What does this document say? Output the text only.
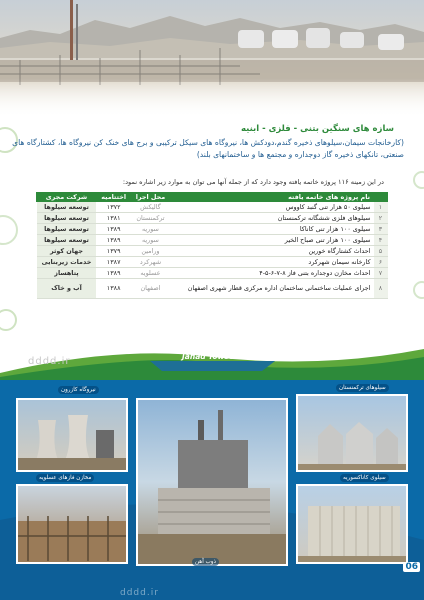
سازه های سنگین بتنی - فلزی - ابنیه
(کارخانجات سیمان،سیلوهای ذخیره گندم،دودکش ها، نیروگاه های سیکل ترکیبی و برج های خنک کن نیروگاه ها، کشتارگاه های صنعتی، تانکهای ذخیره گاز دوجداره و مجتمع ها و ساختمانهای بلند)
در این زمینه ۱۱۶ پروژه خاتمه یافته وجود دارد که از جمله آنها می توان به موارد زیر اشاره نمود:
	نام پروژه های خاتمه یافته	محل اجرا	اختتامیه	شرکت مجری
۱	سیلوی ۵۰ هزار تنی گنبد کاووس	گالیکش	۱۳۷۲	توسعه سیلوها
۲	سیلوهای فلزی ششگانه ترکمنستان	ترکمنستان	۱۳۸۱	توسعه سیلوها
۳	سیلوی ۱۰۰ هزار تنی کاناکا	سوریه	۱۳۸۹	توسعه سیلوها
۴	سیلوی ۱۰۰ هزار تنی صباح الخیر	سوریه	۱۳۸۹	توسعه سیلوها
۵	احداث کشتارگاه خورین	ورامین	۱۳۷۹	جهان کوثر
۶	کارخانه سیمان شهرکرد	شهرکرد	۱۳۸۷	خدمات زیربنایی
۷	احداث مخازن دوجداره بتنی فاز ۸-۷-۶-۵-۴	عسلویه	۱۳۸۹	پتاهساز
۸	اجرای عملیات ساختمانی ساختمان اداره مرکزی قطار شهری اصفهان	اصفهان	۱۳۸۸	آب و خاک
Jahad Towseh Holding
نیروگاه کازرون
مخازن فازهای عسلویه
ذوب آهن
سیلوهای ترکمنستان
سیلوی کاناکسوریه
dddd.ir
dddd.ir
06
